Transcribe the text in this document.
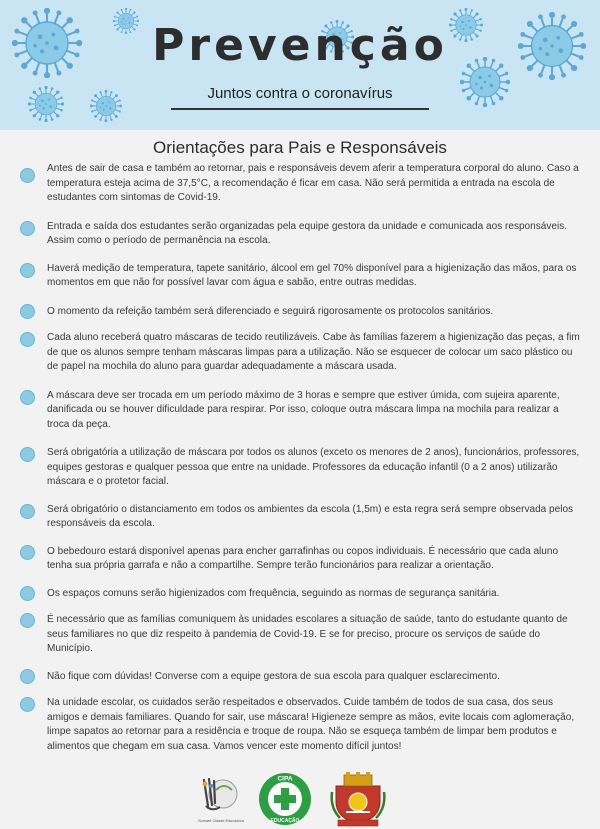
Prevenção
Juntos contra o coronavírus
Orientações para Pais e Responsáveis
Antes de sair de casa e também ao retornar, pais e responsáveis devem aferir a temperatura corporal do aluno. Caso a temperatura esteja acima de 37,5°C, a recomendação é ficar em casa. Não será permitida a entrada na escola de estudantes com sintomas de Covid-19.
Entrada e saída dos estudantes serão organizadas pela equipe gestora da unidade e comunicada aos responsáveis. Assim como o período de permanência na escola.
Haverá medição de temperatura, tapete sanitário, álcool em gel 70% disponível para a higienização das mãos, para os momentos em que não for possível lavar com água e sabão, entre outras medidas.
O momento da refeição também será diferenciado e seguirá rigorosamente os protocolos sanitários.
Cada aluno receberá quatro máscaras de tecido reutilizáveis. Cabe às famílias fazerem a higienização das peças, a fim de que os alunos sempre tenham máscaras limpas para a utilização. Não se esquecer de colocar um saco plástico ou de papel na mochila do aluno para guardar adequadamente a máscara usada.
A máscara deve ser trocada em um período máximo de 3 horas e sempre que estiver úmida, com sujeira aparente, danificada ou se houver dificuldade para respirar. Por isso, coloque outra máscara limpa na mochila para realizar a troca da peça.
Será obrigatória a utilização de máscara por todos os alunos (exceto os menores de 2 anos), funcionários, professores, equipes gestoras e qualquer pessoa que entre na unidade. Professores da educação infantil (0 a 2 anos) utilizarão máscara e o protetor facial.
Será obrigatório o distanciamento em todos os ambientes da escola (1,5m) e esta regra será sempre observada pelos responsáveis da escola.
O bebedouro estará disponível apenas para encher garrafinhas ou copos individuais. É necessário que cada aluno tenha sua própria garrafa e não a compartilhe. Sempre terão funcionários para realizar a orientação.
Os espaços comuns serão higienizados com frequência, seguindo as normas de segurança sanitária.
É necessário que as famílias comuniquem às unidades escolares a situação de saúde, tanto do estudante quanto de seus familiares no que diz respeito à pandemia de Covid-19. E se for preciso, procure os serviços de saúde do Município.
Não fique com dúvidas! Converse com a equipe gestora de sua escola para qualquer esclarecimento.
Na unidade escolar, os cuidados serão respeitados e observados. Cuide também de todos de sua casa, dos seus amigos e demais familiares. Quando for sair, use máscara! Higieneze sempre as mãos, evite locais com aglomeração, limpe sapatos ao retornar para a residência e troque de roupa. Não se esqueça também de limpar bem produtos e alimentos que chegam em sua casa. Vamos vencer este momento difícil juntos!
Sumaré Cidade Educadora
CIPA
EDUCAÇÃO
